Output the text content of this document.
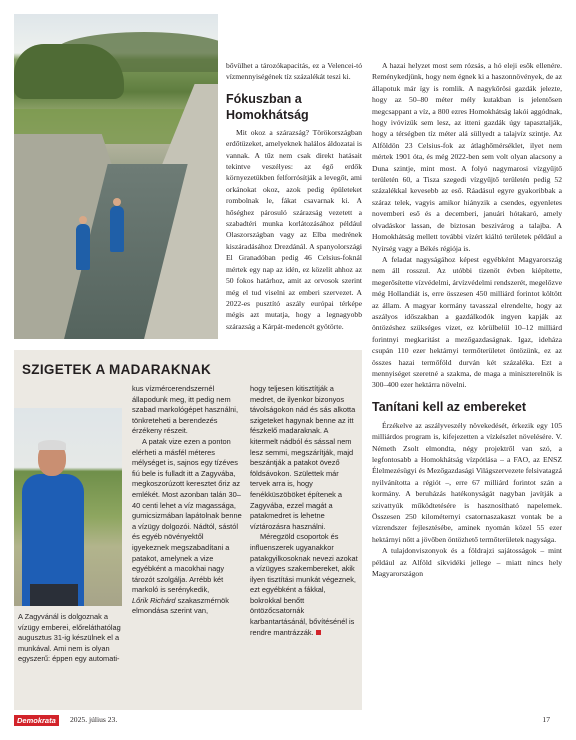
bővülhet a tározókapacitás, ez a Velencei-tó vízmennyiségének tíz százalékát teszi ki.

Fókuszban a Homokhátság

Mit okoz a szárazság? Törökországban erdőtüzeket, amelyeknek halálos áldozatai is vannak. A tűz nem csak direkt hatásait tekintve veszélyes: az égő erdők környezetükben felforrósítják a levegőt, ami orkánokat okoz, azok pedig épületeket rombolnak le, fákat csavarnak ki. A hőséghez párosuló szárazság vezetett a szabadtéri munka korlátozásához például Olaszországban vagy az Elba medrének kiszáradásához Drezdánál. A spanyolországi El Granadóban pedig 46 Celsius-foknál mértek egy nap az idén, ez közelít ahhoz az 50 fokos határhoz, amit az orvosok szerint még el tud viselni az emberi szervezet. A 2022-es pusztító aszály európai térképe mégis azt mutatja, hogy a legnagyobb szárazság a Kárpát-medencét gyötörte.

A hazai helyzet most sem rózsás, a hó eleji esők ellenére. Reménykedjünk, hogy nem égnek ki a haszonnövények, de az állapotuk már így is romlik. A nagykőrösi gazdák jelezte, hogy az 50–80 méter mély kutakban is jelentősen megcsappant a víz, a 800 ezres Homokhátság lakói aggódnak, hogy ivóvizük sem lesz, az itteni gazdák úgy tapasztalják, hogy a térségben tíz méter alá süllyedt a talajvíz szintje. Az Alföldön 23 Celsius-fok az átlaghőmérséklet, ilyet nem mértek 1901 óta, és még 2022-ben sem volt olyan alacsony a Duna szintje, mint most. A folyó nagymarosi vízgyűjtő területén 60, a Tisza szegedi vízgyűjtő területén pedig 52 százalékkal kevesebb az eső. Ráadásul egyre gyakoribbak a száraz telek, vagyis amikor hiányzik a csendes, egyenletes novemberi eső és a decemberi, januári hótakaró, amely olvadáskor lassan, de biztosan beszivárog a talajba. A Homokhátság mellett további vízért kiáltó területek például a Nyírség vagy a Békés régiója is.

A feladat nagyságához képest egyébként Magyarország nem áll rosszul. Az utóbbi tizenöt évben kiépítette, megerősítette vízvédelmi, árvízvédelmi rendszerét, megelőzve még Hollandiát is, erre összesen 450 milliárd forintot költött az állam. A magyar kormány tavasszal elrendelte, hogy az aszályos időszakban a gazdálkodók ingyen kapják az öntözéshez szükséges vizet, ez körülbelül 10–12 milliárd forintnyi megkaritást a mezőgazdaságnak. Igaz, ideháza csupán 110 ezer hektárnyi termőterületet öntözünk, ez az összes hazai termőföld durván két százaléka. Ezt a mennyiséget szeretné a szakma, de maga a miniszterelnök is 300–400 ezer hektárra növelni.

Tanítani kell az embereket

Érzékelve az aszályveszély növekedését, érkezik egy 105 milliárdos program is, kifejezetten a vízkészlet növelésére. V. Németh Zsolt elmondta, négy projektről van szó, a legfontosabb a Homokhátság vízpótlása – a FAO, az ENSZ Élelmezésügyi és Mezőgazdasági Világszervezete felsivatagzá nyilvánította a régiót –, erre 67 milliárd forintot szán a kormány. A beruházás hatékonyságát nagyban javítják a szivattyúk működtetésére is hasznosítható napelemek. Összesen 250 kilométernyi csatornaszakaszt vontak be a vízrendszer fejlesztésébe, aminek nyomán közel 55 ezer hektárnyi nőtt a jövőben öntözhető termőterületek nagysága.

A tulajdonviszonyok és a földrajzi sajátosságok – mint például az Alföld síkvidéki jellege – miatt nincs hely Magyarországon

SZIGETEK A MADARAKNAK

A Zagyvánál is dolgoznak a vízügy emberei, előreláthatólag augusztus 31-ig készülnek el a munkával. Ami nem is olyan egyszerű: éppen egy automati-

kus vízmércerendszernél állapodunk meg, itt pedig nem szabad markológépet használni, tönkreteheti a berendezés érzékeny részeit.

A patak vize ezen a ponton elérheti a másfél méteres mélységet is, sajnos egy tízéves fiú bele is fulladt itt a Zagyvába, megkoszorúzott keresztet őriz az emlékét. Most azonban talán 30–40 centi lehet a víz magassága, gumicsizmában lapátolnak benne a vízügy dolgozói. Nádtól, sástól és egyéb növényektől igyekeznek megszabadítani a patakot, amelynek a vize egyébként a macokhai nagy tározót szolgálja. Arrébb két markoló is serénykedik,

Lőrik Richárd szakaszmérnök elmondása szerint van,

hogy teljesen kitisztítják a medret, de ilyenkor bizonyos távolságokon nád és sás alkotta szigeteket hagynak benne az itt fészkelő madaraknak. A kitermelt nádból és sással nem lesz semmi, megszárítják, majd beszántják a patakot övező földsávokon. Születtek már tervek arra is, hogy fenékküszöböket építenek a Zagyvába, ezzel magát a patakmedret is lehetne víztározásra használni.

Méregzöld csoportok és influenszerek ugyanakkor patakgyilkosoknak nevezi azokat a vízügyes szakembereket, akik ilyen tisztítási munkát végeznek, ezt egyébként a fákkal, bokrokkal benőtt öntözőcsatornák karbantartásánál, bővítésénél is rendre mantrázzák.

Demokrata	2025. július 23.	17
